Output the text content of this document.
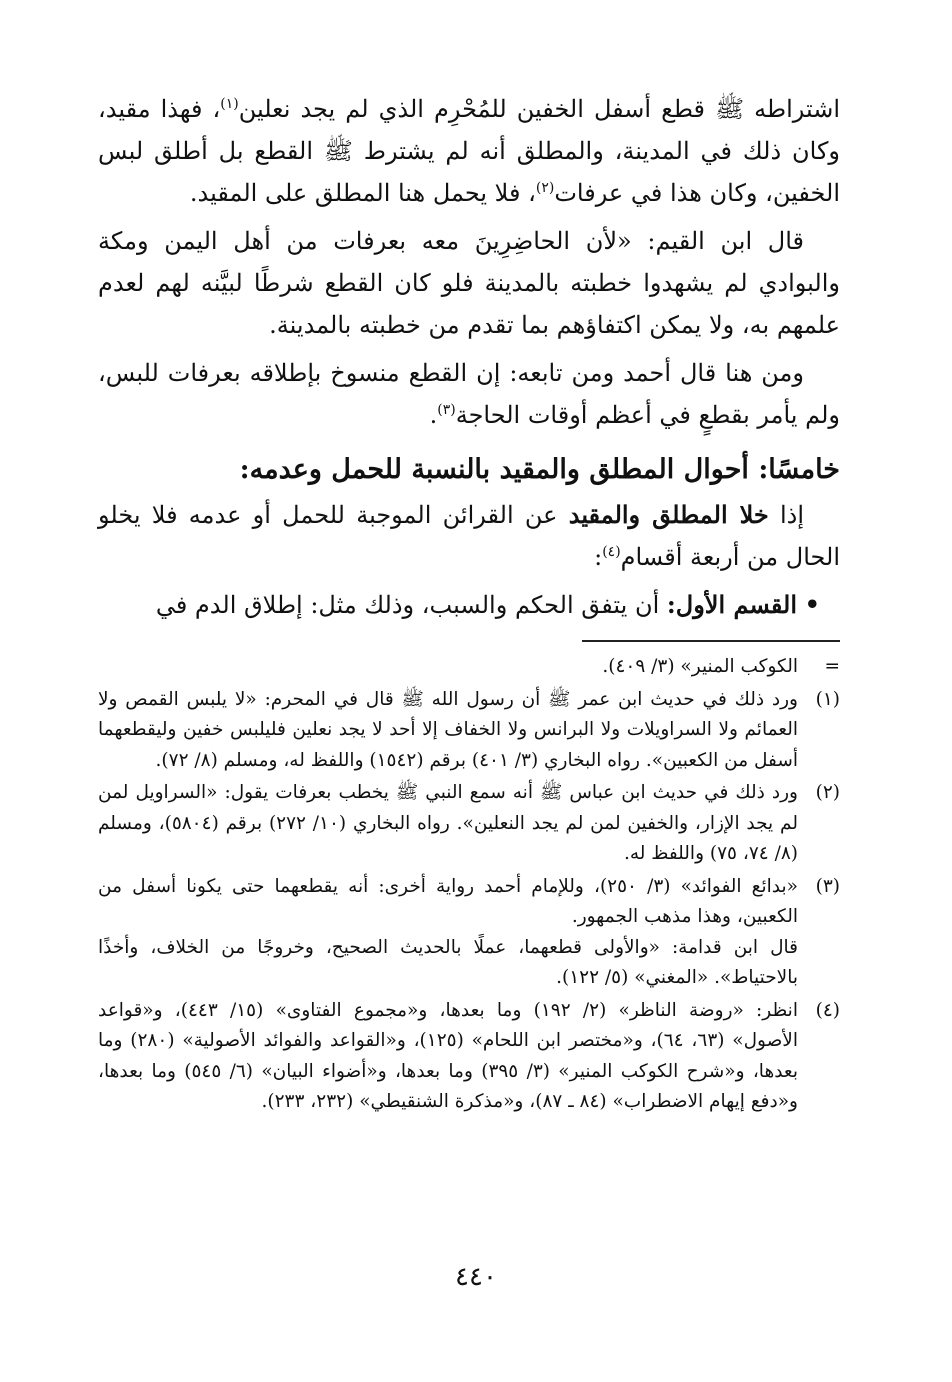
اشتراطه ﷺ قطع أسفل الخفين للمُحْرِم الذي لم يجد نعلين$^{(١)}$، فهذا مقيد، وكان ذلك في المدينة، والمطلق أنه لم يشترط ﷺ القطع بل أطلق لبس الخفين، وكان هذا في عرفات$^{(٢)}$، فلا يحمل هنا المطلق على المقيد.

قال ابن القيم: «لأن الحاضِرِينَ معه بعرفات من أهل اليمن ومكة والبوادي لم يشهدوا خطبته بالمدينة فلو كان القطع شرطًا لبيَّنه لهم لعدم علمهم به، ولا يمكن اكتفاؤهم بما تقدم من خطبته بالمدينة.

ومن هنا قال أحمد ومن تابعه: إن القطع منسوخ بإطلاقه بعرفات للبس، ولم يأمر بقطعٍ في أعظم أوقات الحاجة$^{(٣)}$.

خامسًا: أحوال المطلق والمقيد بالنسبة للحمل وعدمه:

إذا خلا المطلق والمقيد عن القرائن الموجبة للحمل أو عدمه فلا يخلو الحال من أربعة أقسام$^{(٤)}$:

• القسم الأول: أن يتفق الحكم والسبب، وذلك مثل: إطلاق الدم في

=
الكوكب المنير» (٣/ ٤٠٩).
(١)
ورد ذلك في حديث ابن عمر ﷺ أن رسول الله ﷺ قال في المحرم: «لا يلبس القمص ولا العمائم ولا السراويلات ولا البرانس ولا الخفاف إلا أحد لا يجد نعلين فليلبس خفين وليقطعهما أسفل من الكعبين». رواه البخاري (٣/ ٤٠١) برقم (١٥٤٢) واللفظ له، ومسلم (٨/ ٧٢).
(٢)
ورد ذلك في حديث ابن عباس ﷺ أنه سمع النبي ﷺ يخطب بعرفات يقول: «السراويل لمن لم يجد الإزار، والخفين لمن لم يجد النعلين». رواه البخاري (١٠/ ٢٧٢) برقم (٥٨٠٤)، ومسلم (٨/ ٧٤، ٧٥) واللفظ له.
(٣)

«بدائع الفوائد» (٣/ ٢٥٠)، وللإمام أحمد رواية أخرى: أنه يقطعهما حتى يكونا أسفل من الكعبين، وهذا مذهب الجمهور.

قال ابن قدامة: «والأولى قطعهما، عملًا بالحديث الصحيح، وخروجًا من الخلاف، وأخذًا بالاحتياط». «المغني» (٥/ ١٢٢).

(٤)
انظر: «روضة الناظر» (٢/ ١٩٢) وما بعدها، و«مجموع الفتاوى» (١٥/ ٤٤٣)، و«قواعد الأصول» (٦٣، ٦٤)، و«مختصر ابن اللحام» (١٢٥)، و«القواعد والفوائد الأصولية» (٢٨٠) وما بعدها، و«شرح الكوكب المنير» (٣/ ٣٩٥) وما بعدها، و«أضواء البيان» (٦/ ٥٤٥) وما بعدها، و«دفع إيهام الاضطراب» (٨٤ ـ ٨٧)، و«مذكرة الشنقيطي» (٢٣٢، ٢٣٣).
٤٤٠
